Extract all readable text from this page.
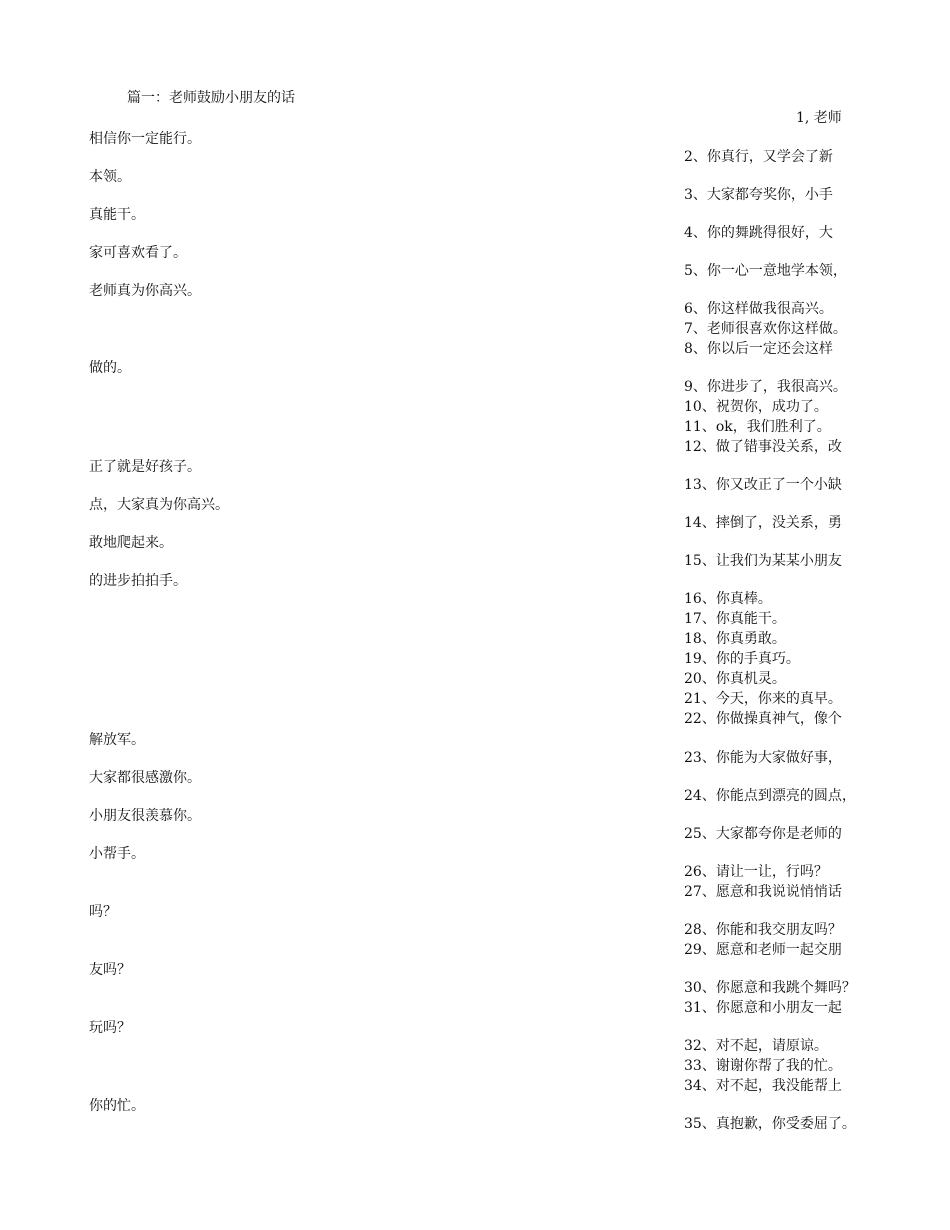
篇一：老师鼓励小朋友的话
1, 老师
相信你一定能行。
本领。
真能干。
家可喜欢看了。
老师真为你高兴。
做的。
正了就是好孩子。
点，大家真为你高兴。
敢地爬起来。
的进步拍拍手。
解放军。
大家都很感激你。
小朋友很羡慕你。
小帮手。
吗？
友吗？
玩吗？
你的忙。
2、你真行，又学会了新
3、大家都夸奖你，小手
4、你的舞跳得很好，大
5、你一心一意地学本领，
6、你这样做我很高兴。
7、老师很喜欢你这样做。
8、你以后一定还会这样
9、你进步了，我很高兴。
10、祝贺你，成功了。
11、ok，我们胜利了。
12、做了错事没关系，改
13、你又改正了一个小缺
14、摔倒了，没关系，勇
15、让我们为某某小朋友
16、你真棒。
17、你真能干。
18、你真勇敢。
19、你的手真巧。
20、你真机灵。
21、今天，你来的真早。
22、你做操真神气，像个
23、你能为大家做好事，
24、你能点到漂亮的圆点，
25、大家都夸你是老师的
26、请让一让，行吗？
27、愿意和我说说悄悄话
28、你能和我交朋友吗？
29、愿意和老师一起交朋
30、你愿意和我跳个舞吗？
31、你愿意和小朋友一起
32、对不起，请原谅。
33、谢谢你帮了我的忙。
34、对不起，我没能帮上
35、真抱歉，你受委屈了。
